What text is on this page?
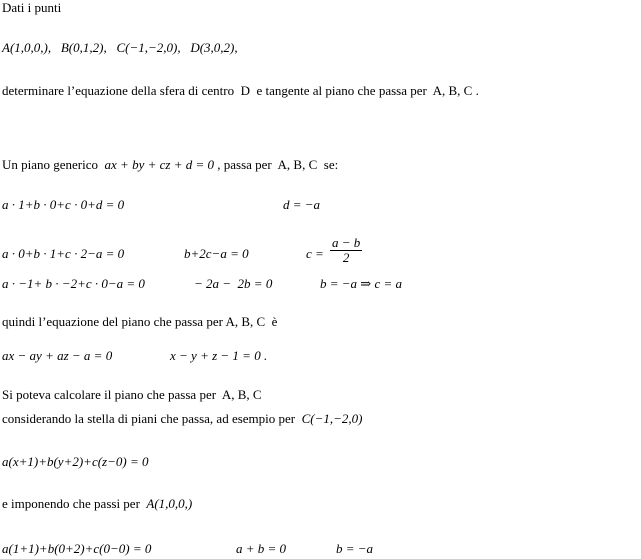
Dati i punti
A(1,0,0,),   B(0,1,2),   C(−1,−2,0),   D(3,0,2),
determinare l’equazione della sfera di centro  D  e tangente al piano che passa per  A, B, C .
Un piano generico  ax + by + cz + d = 0 , passa per  A, B, C  se:
a · 1+b · 0+c · 0+d = 0	d = −a
a · 0+b · 1+c · 2−a = 0	b+2c−a = 0	$c = \frac{a - b}{2}$
a · −1+ b · −2+c · 0−a = 0	− 2a −  2b = 0	b = −a ⇒ c = a
quindi l’equazione del piano che passa per A, B, C  è
ax − ay + az − a = 0	x − y + z − 1 = 0 .
Si poteva calcolare il piano che passa per  A, B, C
considerando la stella di piani che passa, ad esempio per  C(−1,−2,0)
a(x+1)+b(y+2)+c(z−0) = 0
e imponendo che passi per  A(1,0,0,)
a(1+1)+b(0+2)+c(0−0) = 0	a + b = 0	b = −a
